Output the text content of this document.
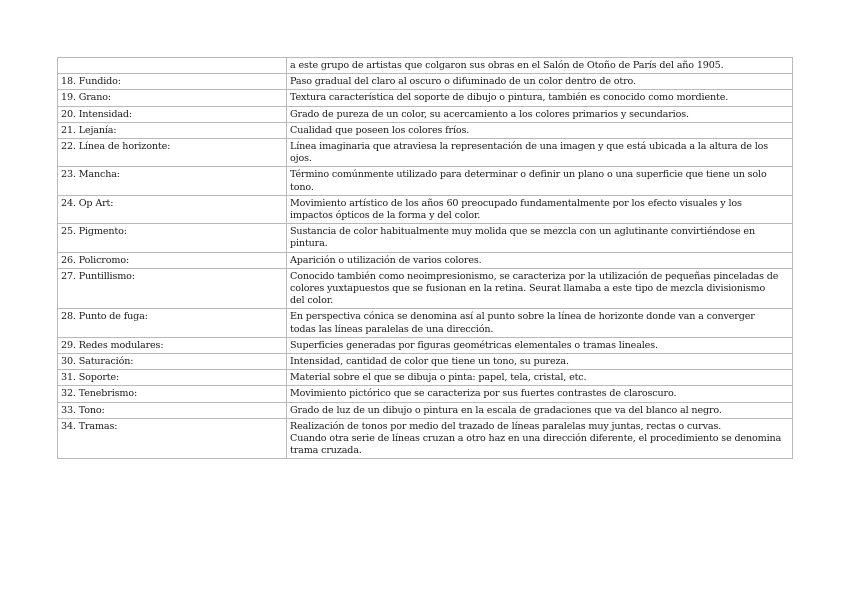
	a este grupo de artistas que colgaron sus obras en el Salón de Otoño de París del año 1905.

18. Fundido:	Paso gradual del claro al oscuro o difuminado de un color dentro de otro.

19. Grano:	Textura característica del soporte de dibujo o pintura, también es conocido como mordiente.

20. Intensidad:	Grado de pureza de un color, su acercamiento a los colores primarios y secundarios.

21. Lejanía:	Cualidad que poseen los colores fríos.

22. Línea de horizonte:	Línea imaginaria que atraviesa la representación de una imagen y que está ubicada a la altura de los
ojos.

23. Mancha:	Término comúnmente utilizado para determinar o definir un plano o una superficie que tiene un solo
tono.

24. Op Art:	Movimiento artístico de los años 60 preocupado fundamentalmente por los efecto visuales y los
impactos ópticos de la forma y del color.

25. Pigmento:	Sustancia de color habitualmente muy molida que se mezcla con un aglutinante convirtiéndose en
pintura.

26. Policromo:	Aparición o utilización de varios colores.

27. Puntillismo:	Conocido también como neoimpresionismo, se caracteriza por la utilización de pequeñas pinceladas de
colores yuxtapuestos que se fusionan en la retina. Seurat llamaba a este tipo de mezcla divisionismo
del color.

28. Punto de fuga:	En perspectiva cónica se denomina así al punto sobre la línea de horizonte donde van a converger
todas las líneas paralelas de una dirección.

29. Redes modulares:	Superficies generadas por figuras geométricas elementales o tramas lineales.

30. Saturación:	Intensidad, cantidad de color que tiene un tono, su pureza.

31. Soporte:	Material sobre el que se dibuja o pinta: papel, tela, cristal, etc.

32. Tenebrismo:	Movimiento pictórico que se caracteriza por sus fuertes contrastes de claroscuro.

33. Tono:	Grado de luz de un dibujo o pintura en la escala de gradaciones que va del blanco al negro.

34. Tramas:	Realización de tonos por medio del trazado de líneas paralelas muy juntas, rectas o curvas.
Cuando otra serie de líneas cruzan a otro haz en una dirección diferente, el procedimiento se denomina
trama cruzada.
